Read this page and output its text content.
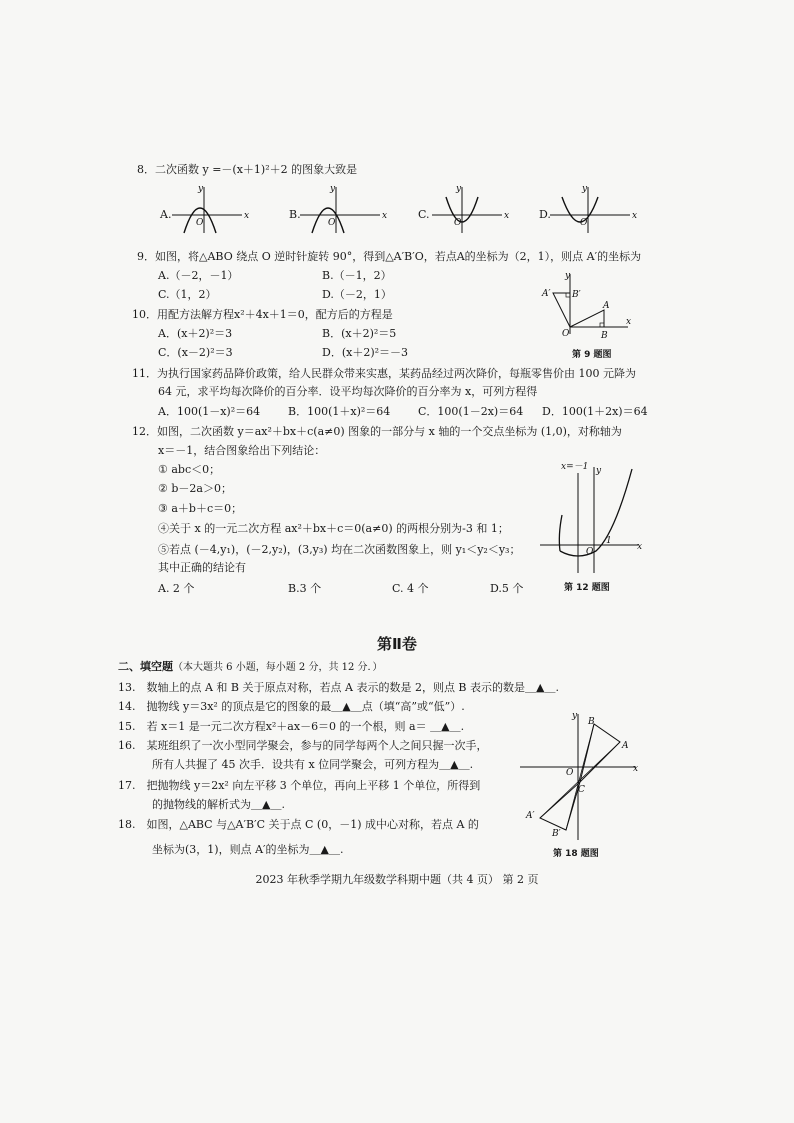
8．二次函数 y =－(x＋1)²＋2 的图象大致是
A.	x
y
O
B.	x
y
O
C.	x
y
O
D.	x
y
O
9．如图，将△ABO 绕点 O 逆时针旋转 90°，得到△A′B′O，若点A的坐标为（2，1），则点 A′的坐标为
A.（－2，－1）	B.（－1，2）
C.（1，2）	D.（－2，1）
y
x
O	B
A
A′ B′
第 9 题图
10．用配方法解方程x²＋4x＋1＝0，配方后的方程是
A．(x＋2)²＝3	B．(x＋2)²＝5
C．(x－2)²＝3	D．(x＋2)²＝－3
11．为执行国家药品降价政策，给人民群众带来实惠，某药品经过两次降价，每瓶零售价由 100 元降为
64 元，求平均每次降价的百分率．设平均每次降价的百分率为 x，可列方程得
A．100(1－x)²＝64	B．100(1＋x)²＝64	C．100(1－2x)＝64 D．100(1＋2x)＝64
12．如图，二次函数 y＝ax²＋bx＋c(a≠0) 图象的一部分与 x 轴的一个交点坐标为 (1,0)，对称轴为
x＝－1，结合图象给出下列结论：
① abc＜0；
② b－2a＞0；
③ a＋b＋c＝0；
④关于 x 的一元二次方程 ax²＋bx＋c＝0(a≠0) 的两根分别为-3 和 1；
⑤若点 (－4,y₁)，(－2,y₂)，(3,y₃) 均在二次函数图象上，则 y₁＜y₂＜y₃；
其中正确的结论有
A. 2 个	B.3 个	C. 4 个	D.5 个
x=－1 y
x
O
1
第 12 题图
第Ⅱ卷
二、填空题（本大题共 6 小题，每小题 2 分，共 12 分．）
13.　数轴上的点 A 和 B 关于原点对称，若点 A 表示的数是 2，则点 B 表示的数是＿▲＿.
14.　抛物线 y＝3x² 的顶点是它的图象的最＿▲＿点（填“高”或“低”）.
15.　若 x＝1 是一元二次方程x²＋ax－6＝0 的一个根，则 a＝ ＿▲＿.
16.　某班组织了一次小型同学聚会，参与的同学每两个人之间只握一次手，
所有人共握了 45 次手．设共有 x 位同学聚会，可列方程为＿▲＿.
17.　把抛物线 y＝2x² 向左平移 3 个单位，再向上平移 1 个单位，所得到
的抛物线的解析式为＿▲＿.
18.　如图，△ABC 与△A′B′C 关于点 C (0，－1) 成中心对称，若点 A 的
坐标为(3，1)，则点 A′的坐标为＿▲＿.
y
x
O
C
B
A
A′
B′
第 18 题图
2023 年秋季学期九年级数学科期中题（共 4 页） 第 2 页
